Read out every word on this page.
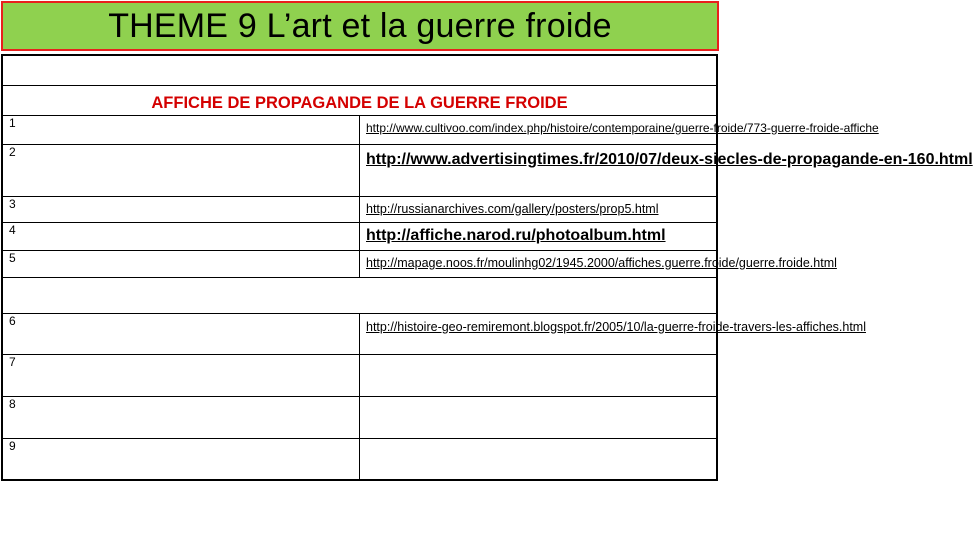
THEME 9 L’art et la guerre froide

AFFICHE DE PROPAGANDE DE LA GUERRE FROIDE	
1	http://www.cultivoo.com/index.php/histoire/contemporaine/guerre-froide/773-guerre-froide-affiche
2	http://www.advertisingtimes.fr/2010/07/deux-siecles-de-propagande-en-160.html
3	http://russianarchives.com/gallery/posters/prop5.html
4	http://affiche.narod.ru/photoalbum.html
5	http://mapage.noos.fr/moulinhg02/1945.2000/affiches.guerre.froide/guerre.froide.html

6	http://histoire-geo-remiremont.blogspot.fr/2005/10/la-guerre-froide-travers-les-affiches.html
7	
8	
9	
